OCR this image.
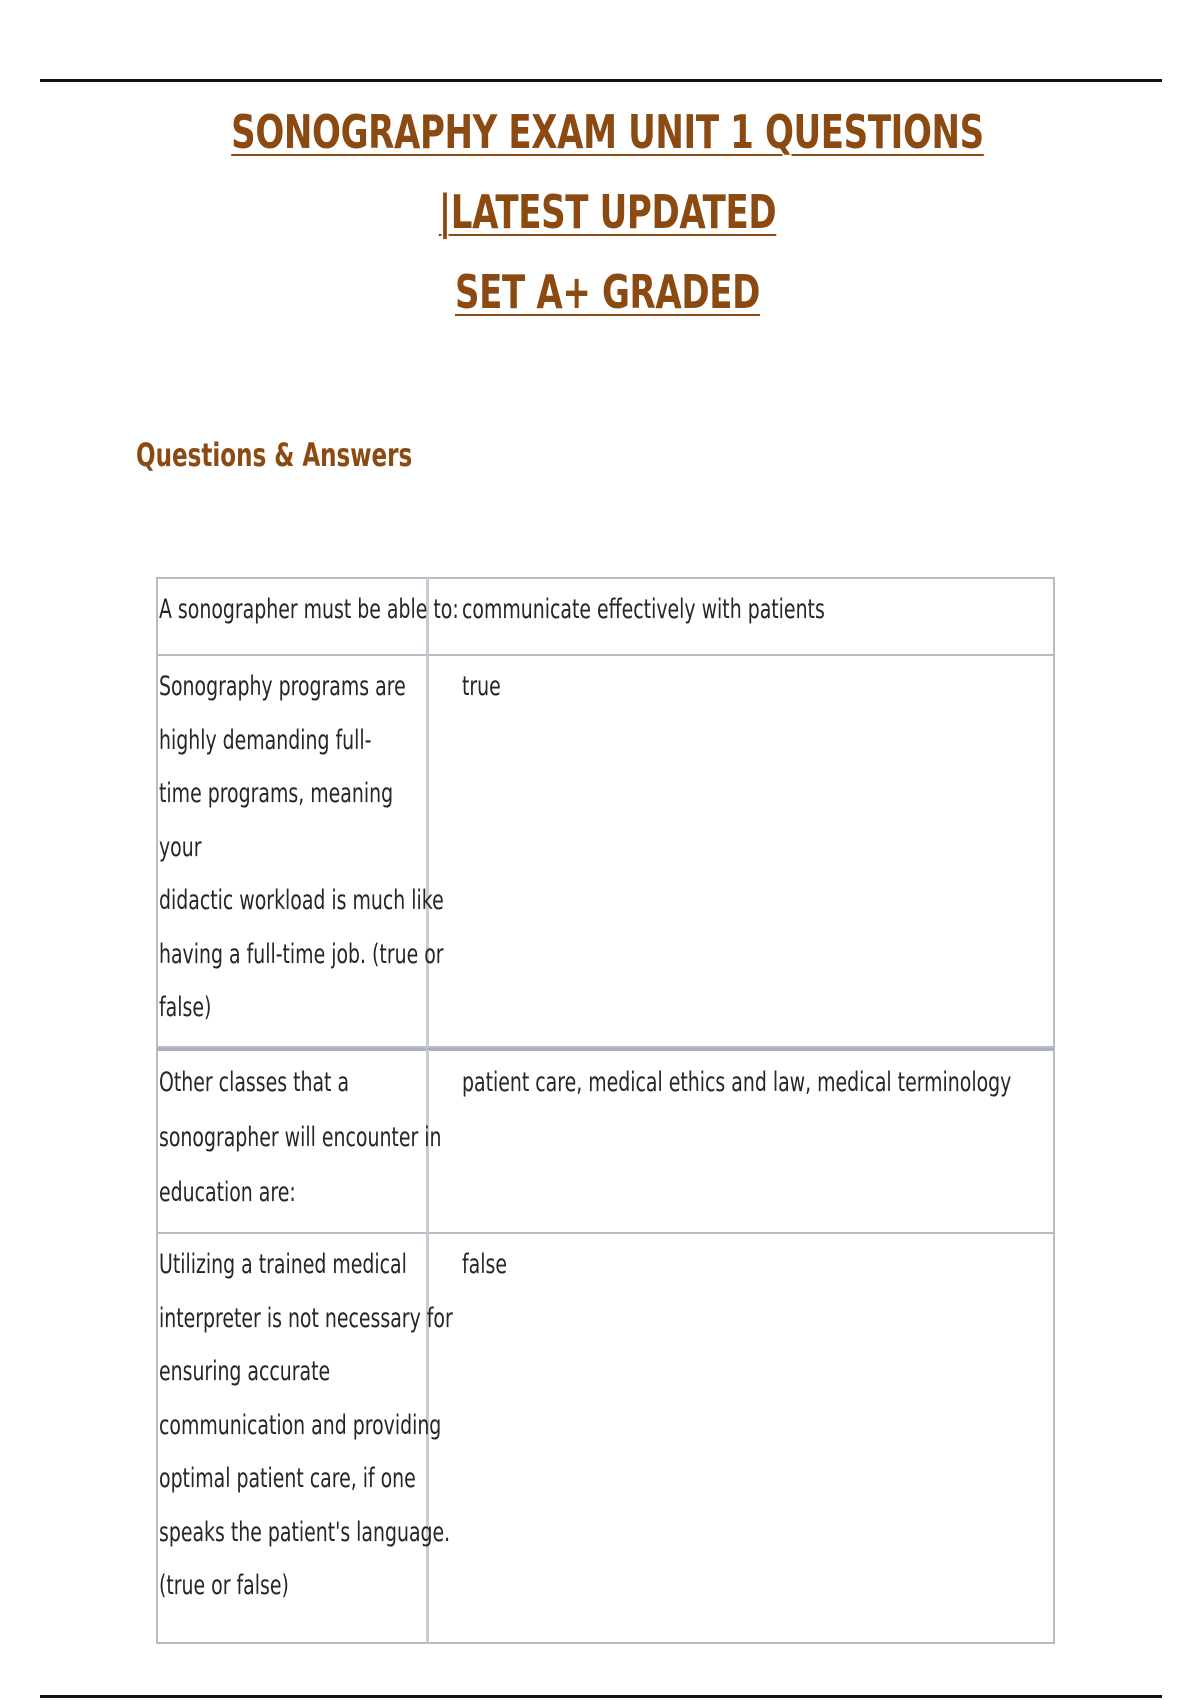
SONOGRAPHY EXAM UNIT 1 QUESTIONS |LATEST UPDATED
SET A+ GRADED
Questions & Answers
A sonographer must be able to: communicate effectively with patients
Sonography programs are
highly demanding full-
time programs, meaning
your
didactic workload is much like
having a full-time job. (true or
false)
true
Other classes that a
sonographer will encounter in
education are:
patient care, medical ethics and law, medical terminology
Utilizing a trained medical
interpreter is not necessary for
ensuring accurate
communication and providing
optimal patient care, if one
speaks the patient's language.
(true or false)
false
